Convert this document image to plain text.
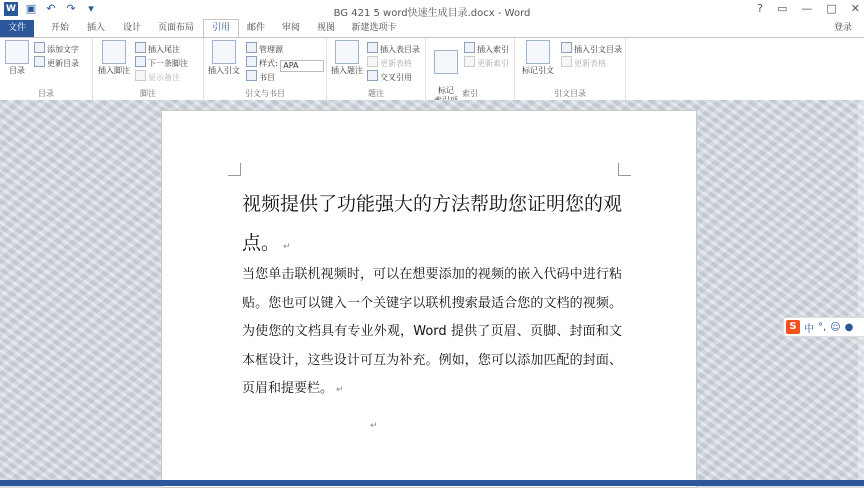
W ▣ ↶ ↷	▾	BG 421 5 word快速生成目录.docx - Word	? ▭ — □ ✕
文件	开始	插入	设计	页面布局	引用	邮件	审阅	视图	新建选项卡	登录
目录
添加文字
更新目录
目录
插入脚注
插入尾注
下一条脚注
显示备注
脚注
插入引文
管理源
样式: APA
书目
引文与书目
插入题注
插入表目录
更新表格
交叉引用
题注	标记

插入索引
更新索引
索引
标记引文
插入引文目录
更新表格
引文目录
视频提供了功能强大的方法帮助您证明您的观点。 ↵
当您单击联机视频时，可以在想要添加的视频的嵌入代码中进行粘贴。您也可以键入一个关键字以联机搜索最适合您的文档的视频。为使您的文档具有专业外观，Word 提供了页眉、页脚、封面和文本框设计，这些设计可互为补充。例如，您可以添加匹配的封面、页眉和提要栏。 ↵
↵
S 中 °, ☺ ●
